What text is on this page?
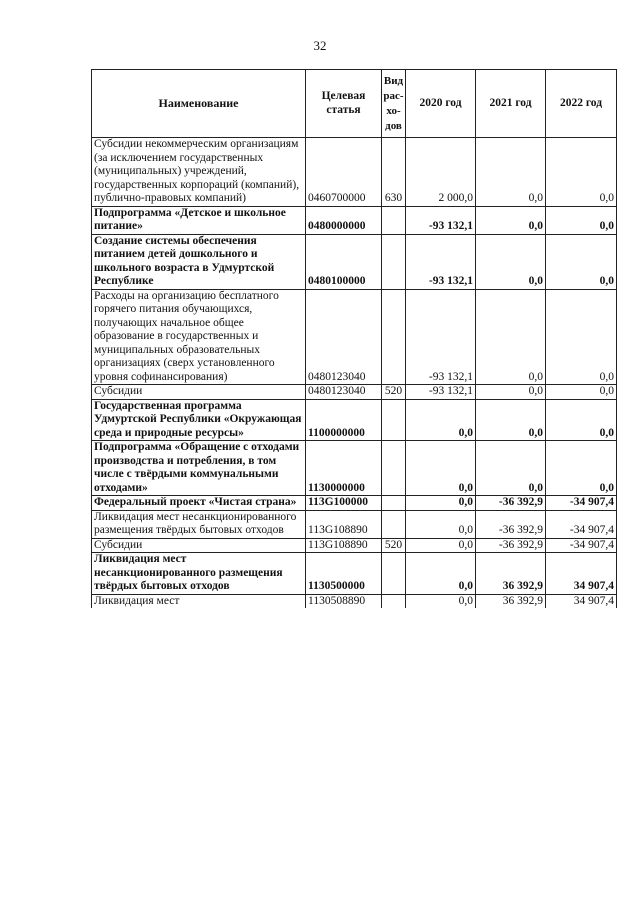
32
Наименование	Целевая статья	Вид рас-хо-дов	2020 год	2021 год	2022 год
Субсидии некоммерческим организациям (за исключением государственных (муниципальных) учреждений, государственных корпораций (компаний), публично-правовых компаний)	0460700000	630	2 000,0	0,0	0,0
Подпрограмма «Детское и школьное питание»	0480000000		-93 132,1	0,0	0,0
Создание системы обеспечения питанием детей дошкольного и школьного возраста в Удмуртской Республике	0480100000		-93 132,1	0,0	0,0
Расходы на организацию бесплатного горячего питания обучающихся, получающих начальное общее образование в государственных и муниципальных образовательных организациях (сверх установленного уровня софинансирования)	0480123040		-93 132,1	0,0	0,0
Субсидии	0480123040	520	-93 132,1	0,0	0,0
Государственная программа Удмуртской Республики «Окружающая среда и природные ресурсы»	1100000000		0,0	0,0	0,0
Подпрограмма «Обращение с отходами производства и потребления, в том числе с твёрдыми коммунальными отходами»	1130000000		0,0	0,0	0,0
Федеральный проект «Чистая страна»	113G100000		0,0	-36 392,9	-34 907,4
Ликвидация мест несанкционированного размещения твёрдых бытовых отходов	113G108890		0,0	-36 392,9	-34 907,4
Субсидии	113G108890	520	0,0	-36 392,9	-34 907,4
Ликвидация мест несанкционированного размещения твёрдых бытовых отходов	1130500000		0,0	36 392,9	34 907,4
Ликвидация мест	1130508890		0,0	36 392,9	34 907,4
